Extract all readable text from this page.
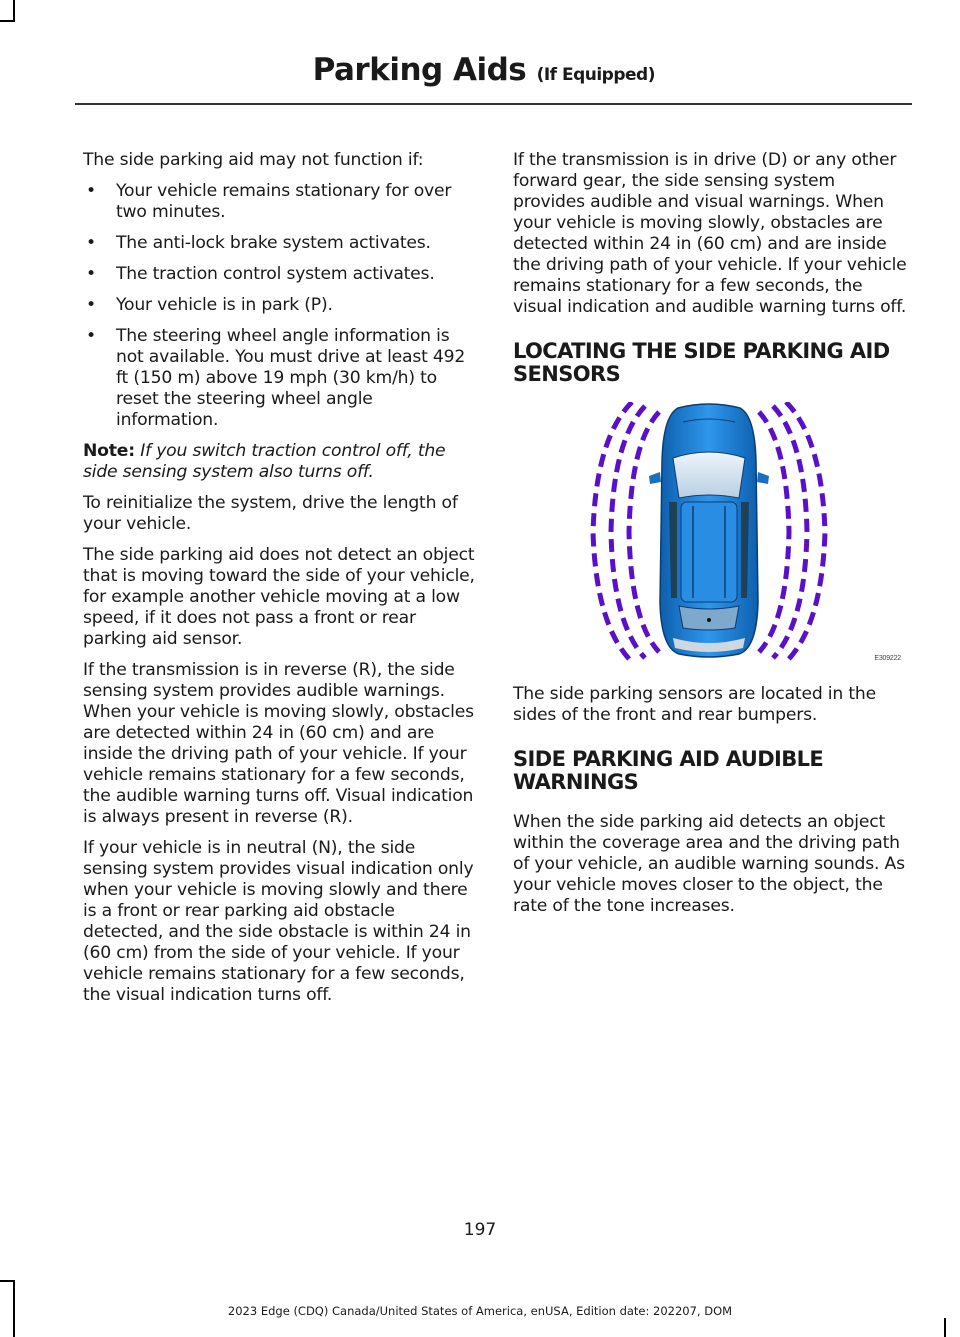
Parking Aids (If Equipped)

The side parking aid may not function if:

• Your vehicle remains stationary for over two minutes.
• The anti-lock brake system activates.
• The traction control system activates.
• Your vehicle is in park (P).
• The steering wheel angle information is not available. You must drive at least 492 ft (150 m) above 19 mph (30 km/h) to reset the steering wheel angle information.

Note: If you switch traction control off, the side sensing system also turns off.

To reinitialize the system, drive the length of your vehicle.

The side parking aid does not detect an object that is moving toward the side of your vehicle, for example another vehicle moving at a low speed, if it does not pass a front or rear parking aid sensor.

If the transmission is in reverse (R), the side sensing system provides audible warnings. When your vehicle is moving slowly, obstacles are detected within 24 in (60 cm) and are inside the driving path of your vehicle. If your vehicle remains stationary for a few seconds, the audible warning turns off. Visual indication is always present in reverse (R).

If your vehicle is in neutral (N), the side sensing system provides visual indication only when your vehicle is moving slowly and there is a front or rear parking aid obstacle detected, and the side obstacle is within 24 in (60 cm) from the side of your vehicle. If your vehicle remains stationary for a few seconds, the visual indication turns off.

If the transmission is in drive (D) or any other forward gear, the side sensing system provides audible and visual warnings. When your vehicle is moving slowly, obstacles are detected within 24 in (60 cm) and are inside the driving path of your vehicle. If your vehicle remains stationary for a few seconds, the visual indication and audible warning turns off.

LOCATING THE SIDE PARKING AID SENSORS
E309222

The side parking sensors are located in the sides of the front and rear bumpers.

SIDE PARKING AID AUDIBLE WARNINGS

When the side parking aid detects an object within the coverage area and the driving path of your vehicle, an audible warning sounds. As your vehicle moves closer to the object, the rate of the tone increases.

197
2023 Edge (CDQ) Canada/United States of America, enUSA, Edition date: 202207, DOM
